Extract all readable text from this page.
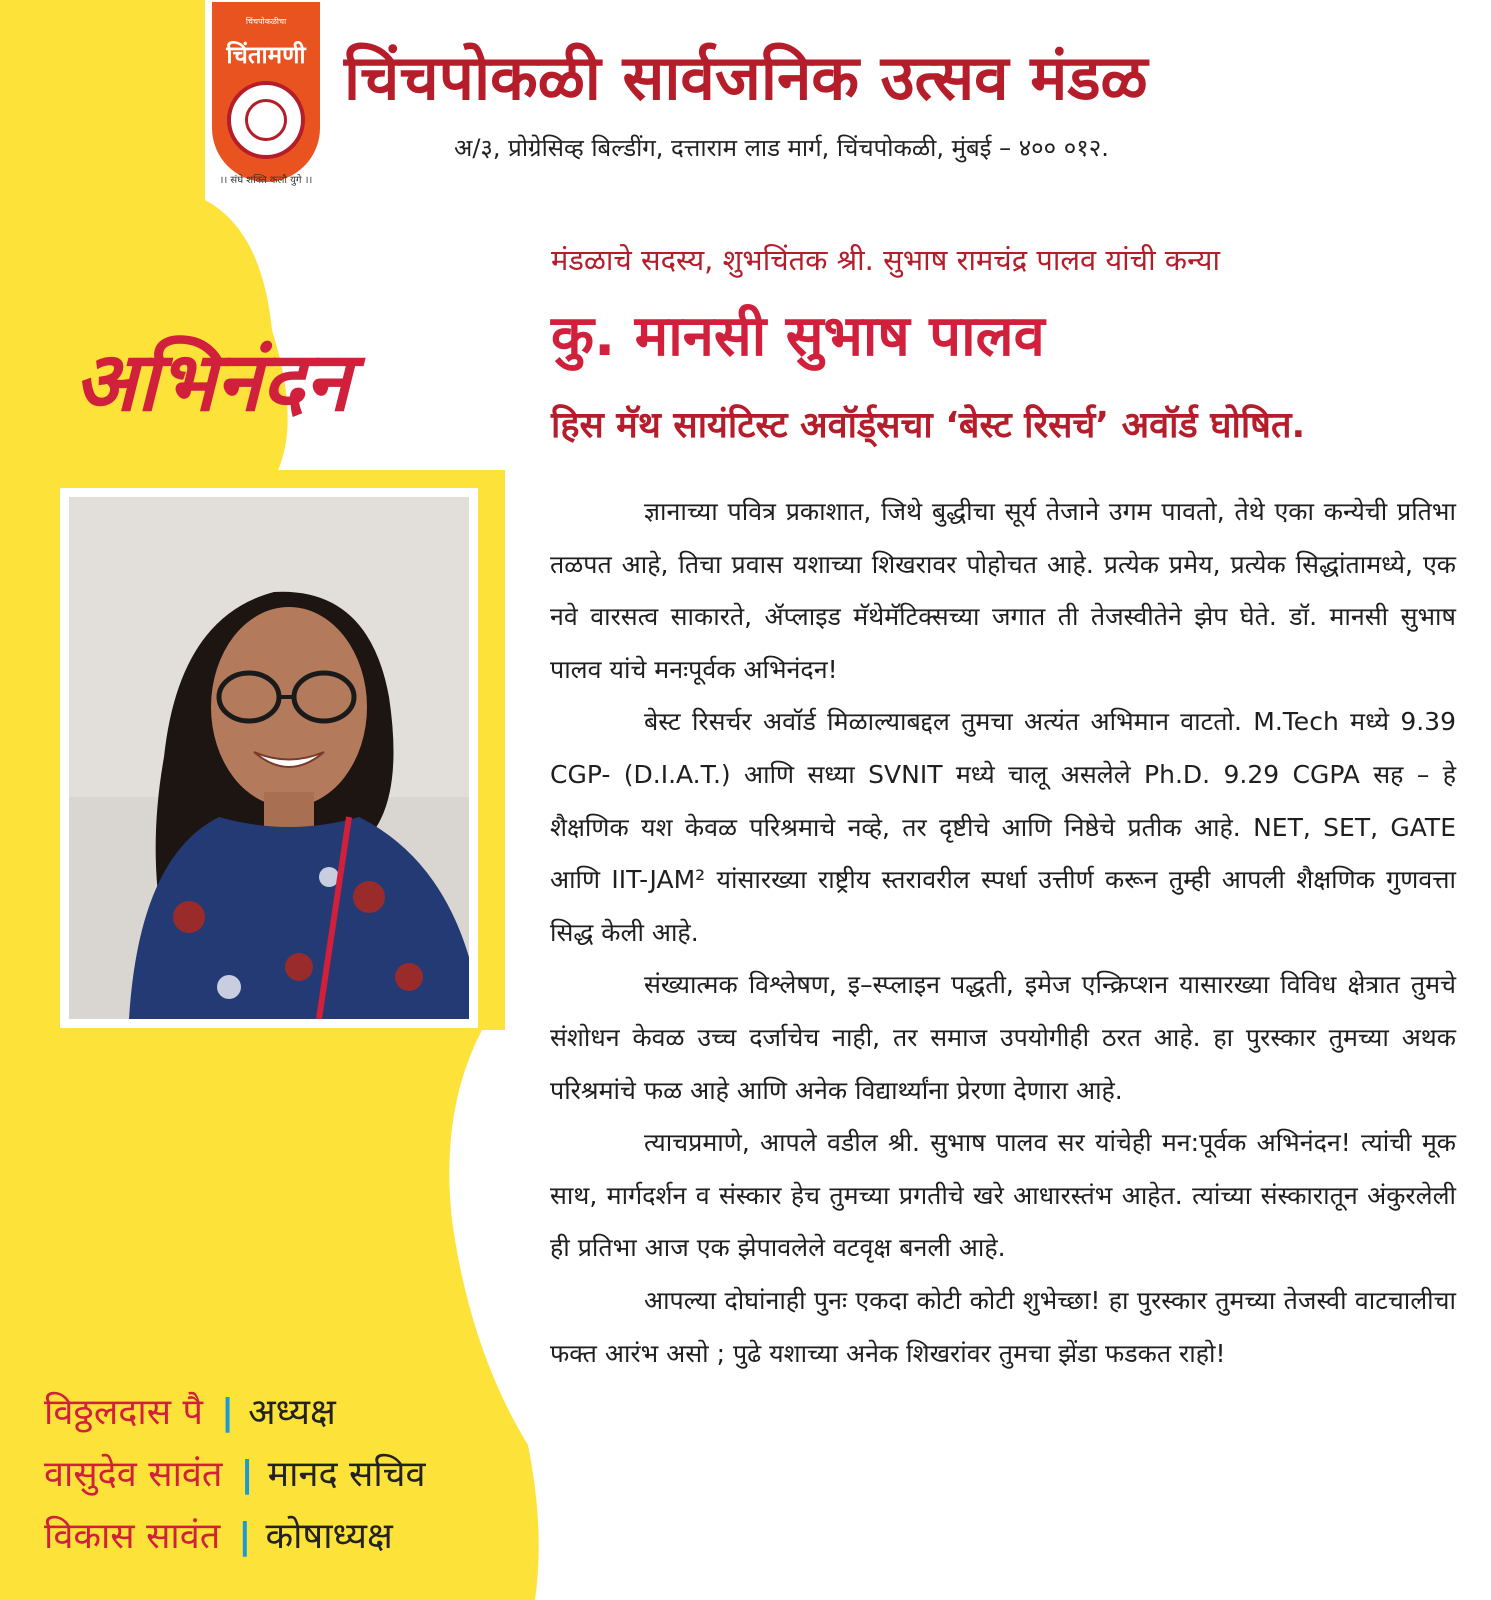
चिंचपोकळीचा
चिंतामणी
।। संघे शक्ति कलौ युगे ।।
चिंचपोकळी सार्वजनिक उत्सव मंडळ
अ/३, प्रोग्रेसिव्ह बिल्डींग, दत्ताराम लाड मार्ग, चिंचपोकळी, मुंबई – ४०० ०१२.
अभिनंदन
विठ्ठलदास पै | अध्यक्ष
वासुदेव सावंत | मानद सचिव
विकास सावंत | कोषाध्यक्ष
मंडळाचे सदस्य, शुभचिंतक श्री. सुभाष रामचंद्र पालव यांची कन्या
कु. मानसी सुभाष पालव
हिस मॅथ सायंटिस्ट अवॉर्ड्सचा ‘बेस्ट रिसर्च’ अवॉर्ड घोषित.

ज्ञानाच्या पवित्र प्रकाशात, जिथे बुद्धीचा सूर्य तेजाने उगम पावतो, तेथे एका कन्येची प्रतिभा तळपत आहे, तिचा प्रवास यशाच्या शिखरावर पोहोचत आहे. प्रत्येक प्रमेय, प्रत्येक सिद्धांतामध्ये, एक नवे वारसत्व साकारते, ॲप्लाइड मॅथेमॅटिक्सच्या जगात ती तेजस्वीतेने झेप घेते. डॉ. मानसी सुभाष पालव यांचे मनःपूर्वक अभिनंदन!

बेस्ट रिसर्चर अवॉर्ड मिळाल्याबद्दल तुमचा अत्यंत अभिमान वाटतो. M.Tech मध्ये 9.39 CGP- (D.I.A.T.) आणि सध्या SVNIT मध्ये चालू असलेले Ph.D. 9.29 CGPA सह – हे शैक्षणिक यश केवळ परिश्रमाचे नव्हे, तर दृष्टीचे आणि निष्ठेचे प्रतीक आहे. NET, SET, GATE आणि IIT-JAM² यांसारख्या राष्ट्रीय स्तरावरील स्पर्धा उत्तीर्ण करून तुम्ही आपली शैक्षणिक गुणवत्ता सिद्ध केली आहे.

संख्यात्मक विश्लेषण, इ–स्प्लाइन पद्धती, इमेज एन्क्रिप्शन यासारख्या विविध क्षेत्रात तुमचे संशोधन केवळ उच्च दर्जाचेच नाही, तर समाज उपयोगीही ठरत आहे. हा पुरस्कार तुमच्या अथक परिश्रमांचे फळ आहे आणि अनेक विद्यार्थ्यांना प्रेरणा देणारा आहे.

त्याचप्रमाणे, आपले वडील श्री. सुभाष पालव सर यांचेही मन:पूर्वक अभिनंदन! त्यांची मूक साथ, मार्गदर्शन व संस्कार हेच तुमच्या प्रगतीचे खरे आधारस्तंभ आहेत. त्यांच्या संस्कारातून अंकुरलेली ही प्रतिभा आज एक झेपावलेले वटवृक्ष बनली आहे.

आपल्या दोघांनाही पुनः एकदा कोटी कोटी शुभेच्छा! हा पुरस्कार तुमच्या तेजस्वी वाटचालीचा फक्त आरंभ असो ; पुढे यशाच्या अनेक शिखरांवर तुमचा झेंडा फडकत राहो!
